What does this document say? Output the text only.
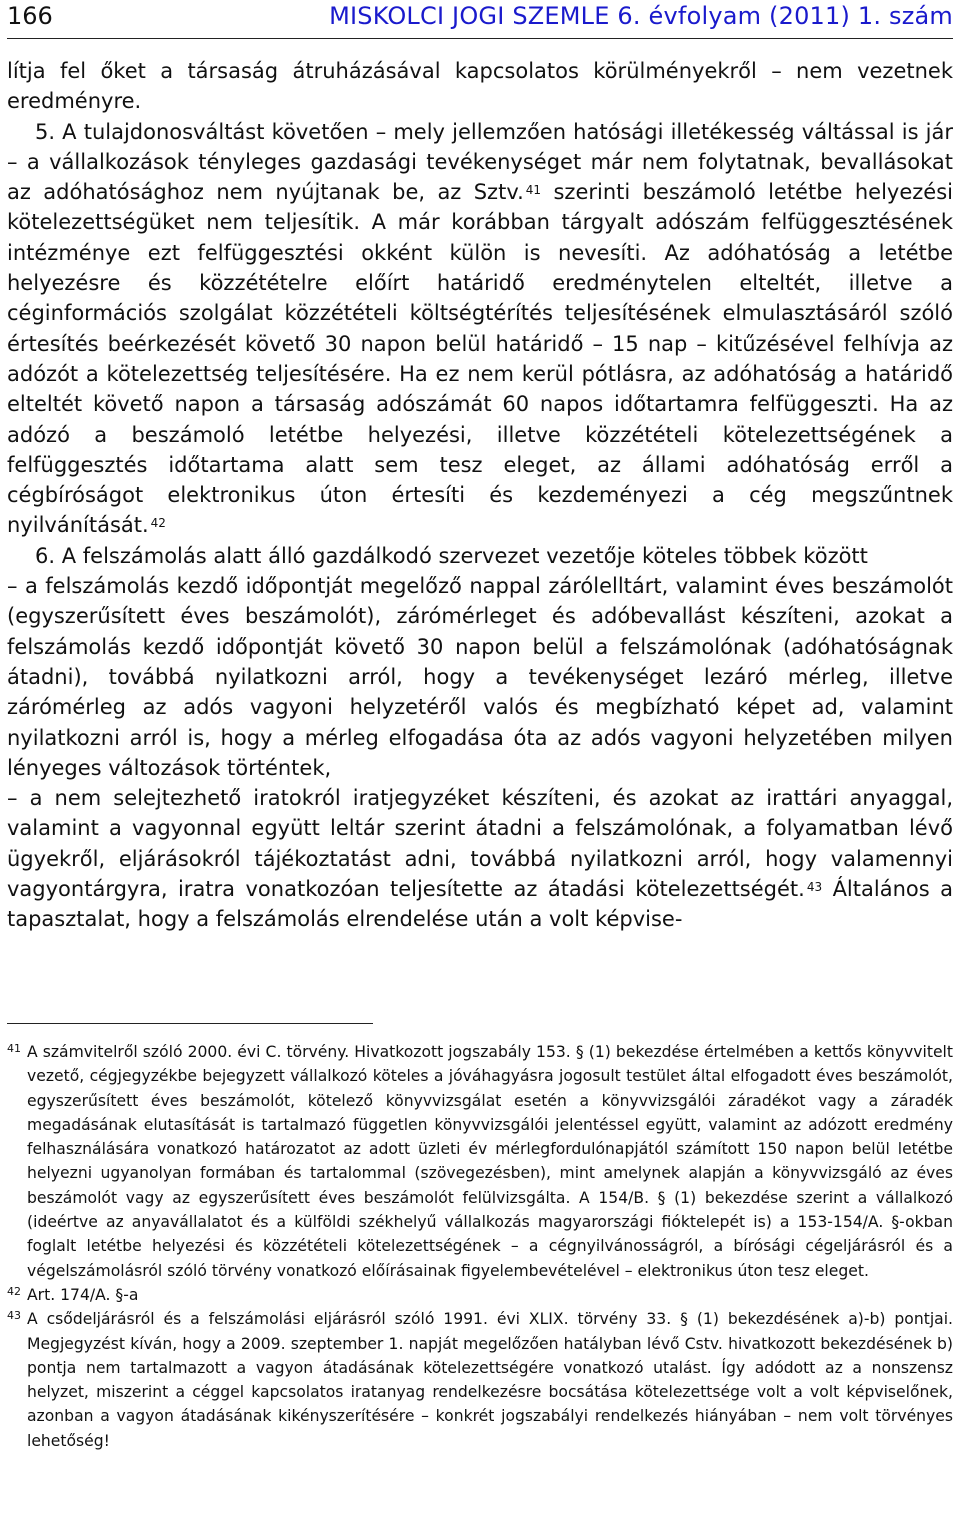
166	MISKOLCI JOGI SZEMLE 6. évfolyam (2011) 1. szám

lítja fel őket a társaság átruházásával kapcsolatos körülményekről – nem vezetnek eredményre.

5. A tulajdonosváltást követően – mely jellemzően hatósági illetékesség váltással is jár – a vállalkozások tényleges gazdasági tevékenységet már nem folytatnak, bevallásokat az adóhatósághoz nem nyújtanak be, az Sztv. $^{41}$ szerinti beszámoló letétbe helyezési kötelezettségüket nem teljesítik. A már korábban tárgyalt adószám felfüggesztésének intézménye ezt felfüggesztési okként külön is nevesíti. Az adóhatóság a letétbe helyezésre és közzétételre előírt határidő eredménytelen elteltét, illetve a céginformációs szolgálat közzétételi költségtérítés teljesítésének elmulasztásáról szóló értesítés beérkezését követő 30 napon belül határidő – 15 nap – kitűzésével felhívja az adózót a kötelezettség teljesítésére. Ha ez nem kerül pótlásra, az adóhatóság a határidő elteltét követő napon a társaság adószámát 60 napos időtartamra felfüggeszti. Ha az adózó a beszámoló letétbe helyezési, illetve közzétételi kötelezettségének a felfüggesztés időtartama alatt sem tesz eleget, az állami adóhatóság erről a cégbíróságot elektronikus úton értesíti és kezdeményezi a cég megszűntnek nyilvánítását. $^{42}$

6. A felszámolás alatt álló gazdálkodó szervezet vezetője köteles többek között

– a felszámolás kezdő időpontját megelőző nappal zárólelltárt, valamint éves beszámolót (egyszerűsített éves beszámolót), zárómérleget és adóbevallást készíteni, azokat a felszámolás kezdő időpontját követő 30 napon belül a felszámolónak (adóhatóságnak átadni), továbbá nyilatkozni arról, hogy a tevékenységet lezáró mérleg, illetve zárómérleg az adós vagyoni helyzetéről valós és megbízható képet ad, valamint nyilatkozni arról is, hogy a mérleg elfogadása óta az adós vagyoni helyzetében milyen lényeges változások történtek,

– a nem selejtezhető iratokról iratjegyzéket készíteni, és azokat az irattári anyaggal, valamint a vagyonnal együtt leltár szerint átadni a felszámolónak, a folyamatban lévő ügyekről, eljárásokról tájékoztatást adni, továbbá nyilatkozni arról, hogy valamennyi vagyontárgyra, iratra vonatkozóan teljesítette az átadási kötelezettségét. $^{43}$ Általános a tapasztalat, hogy a felszámolás elrendelése után a volt képvise-

41 A számvitelről szóló 2000. évi C. törvény. Hivatkozott jogszabály 153. § (1) bekezdése értelmében a kettős könyvvitelt vezető, cégjegyzékbe bejegyzett vállalkozó köteles a jóváhagyásra jogosult testület által elfogadott éves beszámolót, egyszerűsített éves beszámolót, kötelező könyvvizsgálat esetén a könyvvizsgálói záradékot vagy a záradék megadásának elutasítását is tartalmazó független könyvvizsgálói jelentéssel együtt, valamint az adózott eredmény felhasználására vonatkozó határozatot az adott üzleti év mérlegfordulónapjától számított 150 napon belül letétbe helyezni ugyanolyan formában és tartalommal (szövegezésben), mint amelynek alapján a könyvvizsgáló az éves beszámolót vagy az egyszerűsített éves beszámolót felülvizsgálta. A 154/B. § (1) bekezdése szerint a vállalkozó (ideértve az anyavállalatot és a külföldi székhelyű vállalkozás magyarországi fióktelepét is) a 153-154/A. §-okban foglalt letétbe helyezési és közzétételi kötelezettségének – a cégnyilvánosságról, a bírósági cégeljárásról és a végelszámolásról szóló törvény vonatkozó előírásainak figyelembevételével – elektronikus úton tesz eleget.
42 Art. 174/A. §-a
43 A csődeljárásról és a felszámolási eljárásról szóló 1991. évi XLIX. törvény 33. § (1) bekezdésének a)-b) pontjai. Megjegyzést kíván, hogy a 2009. szeptember 1. napját megelőzően hatályban lévő Cstv. hivatkozott bekezdésének b) pontja nem tartalmazott a vagyon átadásának kötelezettségére vonatkozó utalást. Így adódott az a nonszensz helyzet, miszerint a céggel kapcsolatos iratanyag rendelkezésre bocsátása kötelezettsége volt a volt képviselőnek, azonban a vagyon átadásának kikényszerítésére – konkrét jogszabályi rendelkezés hiányában – nem volt törvényes lehetőség!
